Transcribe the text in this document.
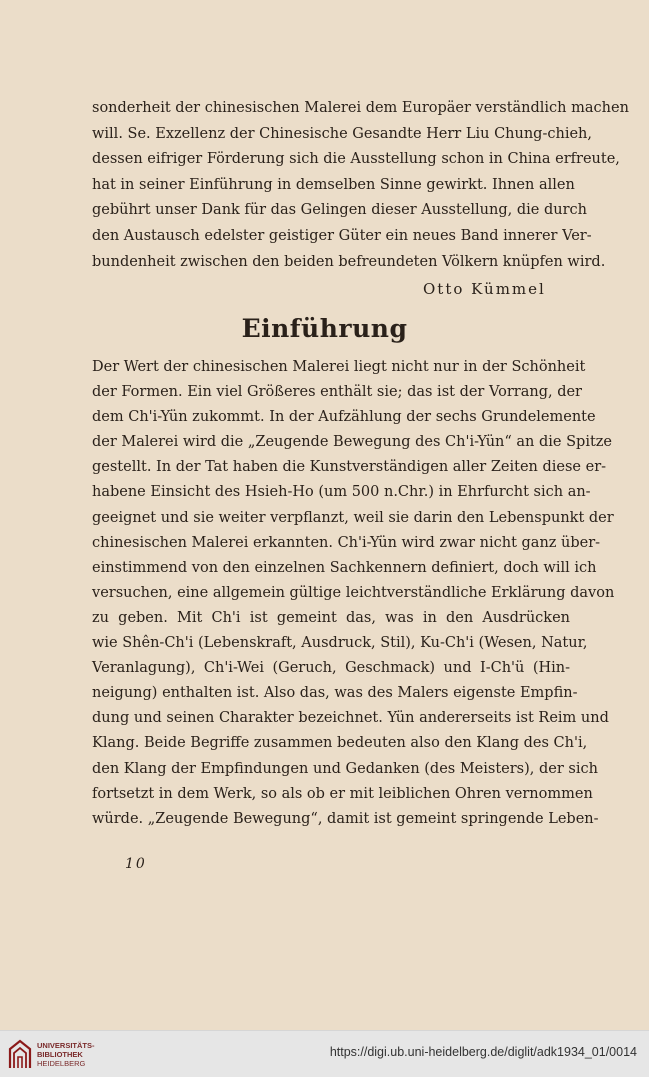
sonderheit der chinesischen Malerei dem Europäer verständlich machen
will. Se. Exzellenz der Chinesische Gesandte Herr Liu Chung-chieh,
dessen eifriger Förderung sich die Ausstellung schon in China erfreute,
hat in seiner Einführung in demselben Sinne gewirkt. Ihnen allen
gebührt unser Dank für das Gelingen dieser Ausstellung, die durch
den Austausch edelster geistiger Güter ein neues Band innerer Ver-
bundenheit zwischen den beiden befreundeten Völkern knüpfen wird.
Otto Kümmel
Einführung
Der Wert der chinesischen Malerei liegt nicht nur in der Schönheit
der Formen. Ein viel Größeres enthält sie; das ist der Vorrang, der
dem Ch'i-Yün zukommt. In der Aufzählung der sechs Grundelemente
der Malerei wird die „Zeugende Bewegung des Ch'i-Yün“ an die Spitze
gestellt. In der Tat haben die Kunstverständigen aller Zeiten diese er-
habene Einsicht des Hsieh-Ho (um 500 n.Chr.) in Ehrfurcht sich an-
geeignet und sie weiter verpflanzt, weil sie darin den Lebenspunkt der
chinesischen Malerei erkannten. Ch'i-Yün wird zwar nicht ganz über-
einstimmend von den einzelnen Sachkennern definiert, doch will ich
versuchen, eine allgemein gültige leichtverständliche Erklärung davon
zu geben. Mit Ch'i ist gemeint das, was in den Ausdrücken
wie Shên-Ch'i (Lebenskraft, Ausdruck, Stil), Ku-Ch'i (Wesen, Natur,
Veranlagung), Ch'i-Wei (Geruch, Geschmack) und I-Ch'ü (Hin-
neigung) enthalten ist. Also das, was des Malers eigenste Empfin-
dung und seinen Charakter bezeichnet. Yün andererseits ist Reim und
Klang. Beide Begriffe zusammen bedeuten also den Klang des Ch'i,
den Klang der Empfindungen und Gedanken (des Meisters), der sich
fortsetzt in dem Werk, so als ob er mit leiblichen Ohren vernommen
würde. „Zeugende Bewegung“, damit ist gemeint springende Leben-
10
UNIVERSITÄTS-
BIBLIOTHEK
HEIDELBERG
https://digi.ub.uni-heidelberg.de/diglit/adk1934_01/0014
